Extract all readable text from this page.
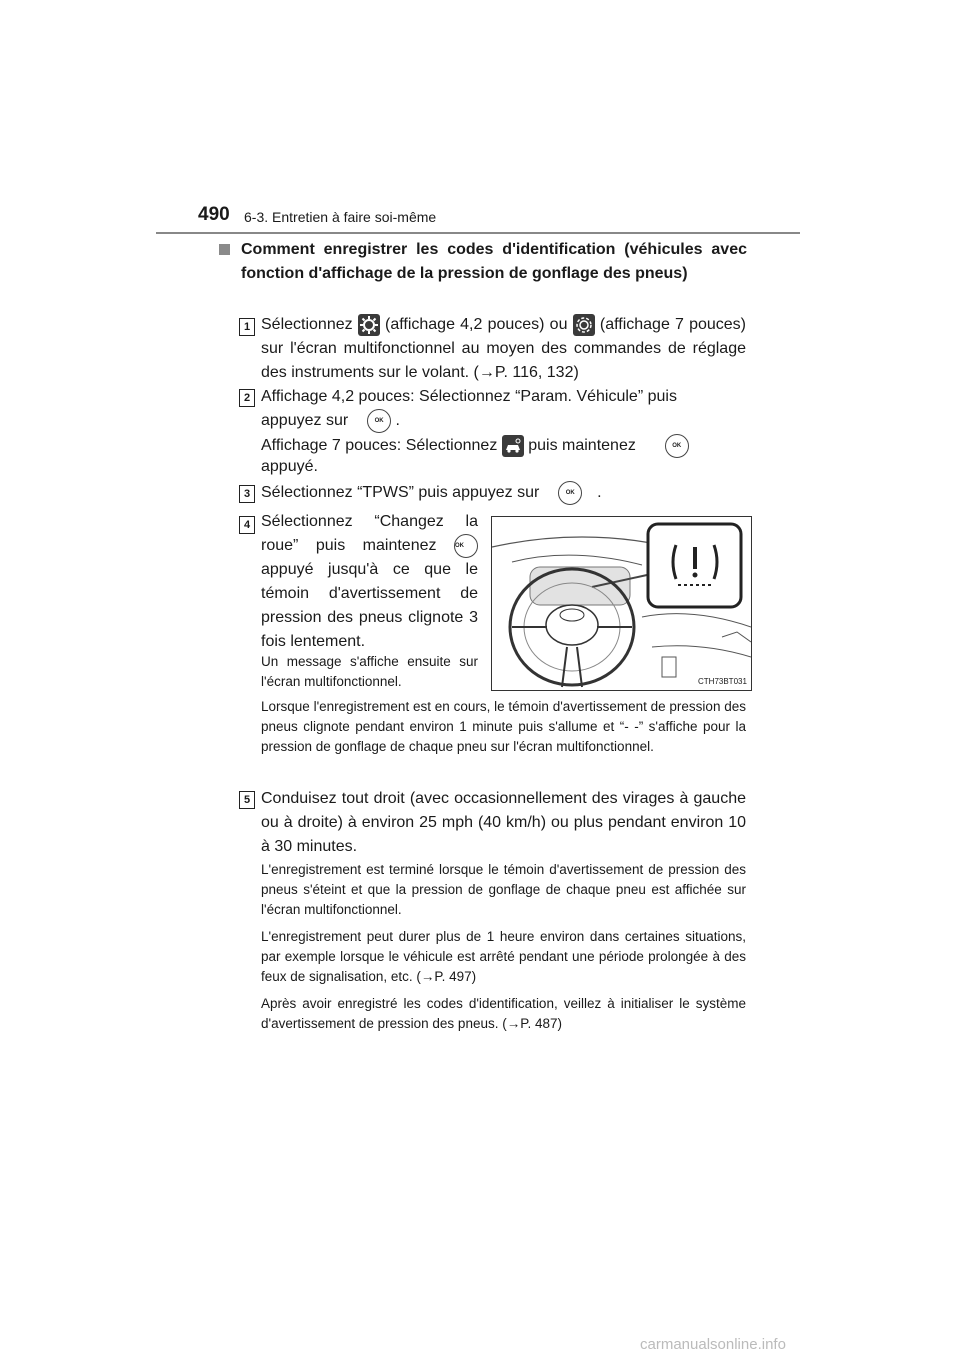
490 6-3. Entretien à faire soi-même
Comment enregistrer les codes d'identification (véhicules avec fonction d'affichage de la pression de gonflage des pneus)
1 Sélectionnez (affichage 4,2 pouces) ou (affichage 7 pouces) sur l'écran multifonctionnel au moyen des commandes de réglage des instruments sur le volant. (→P. 116, 132)
2 Affichage 4,2 pouces: Sélectionnez “Param. Véhicule” puis
appuyez sur	OK .
Affichage 7 pouces: Sélectionnez puis maintenez	OK
appuyé.
3 Sélectionnez “TPWS” puis appuyez sur	OK .
4 Sélectionnez “Changez la roue” puis maintenez	OK appuyé jusqu'à ce que le témoin d'avertissement de pression des pneus clignote 3 fois lentement.
Un message s'affiche ensuite sur l'écran multifonctionnel.
Lorsque l'enregistrement est en cours, le témoin d'avertissement de pression des pneus clignote pendant environ 1 minute puis s'allume et “- -” s'affiche pour la pression de gonflage de chaque pneu sur l'écran multifonctionnel.
CTH73BT031
5 Conduisez tout droit (avec occasionnellement des virages à gauche ou à droite) à environ 25 mph (40 km/h) ou plus pendant environ 10 à 30 minutes.
L'enregistrement est terminé lorsque le témoin d'avertissement de pression des pneus s'éteint et que la pression de gonflage de chaque pneu est affichée sur l'écran multifonctionnel.
L'enregistrement peut durer plus de 1 heure environ dans certaines situations, par exemple lorsque le véhicule est arrêté pendant une période prolongée à des feux de signalisation, etc. (→P. 497)
Après avoir enregistré les codes d'identification, veillez à initialiser le système d'avertissement de pression des pneus. (→P. 487)
carmanualsonline.info
